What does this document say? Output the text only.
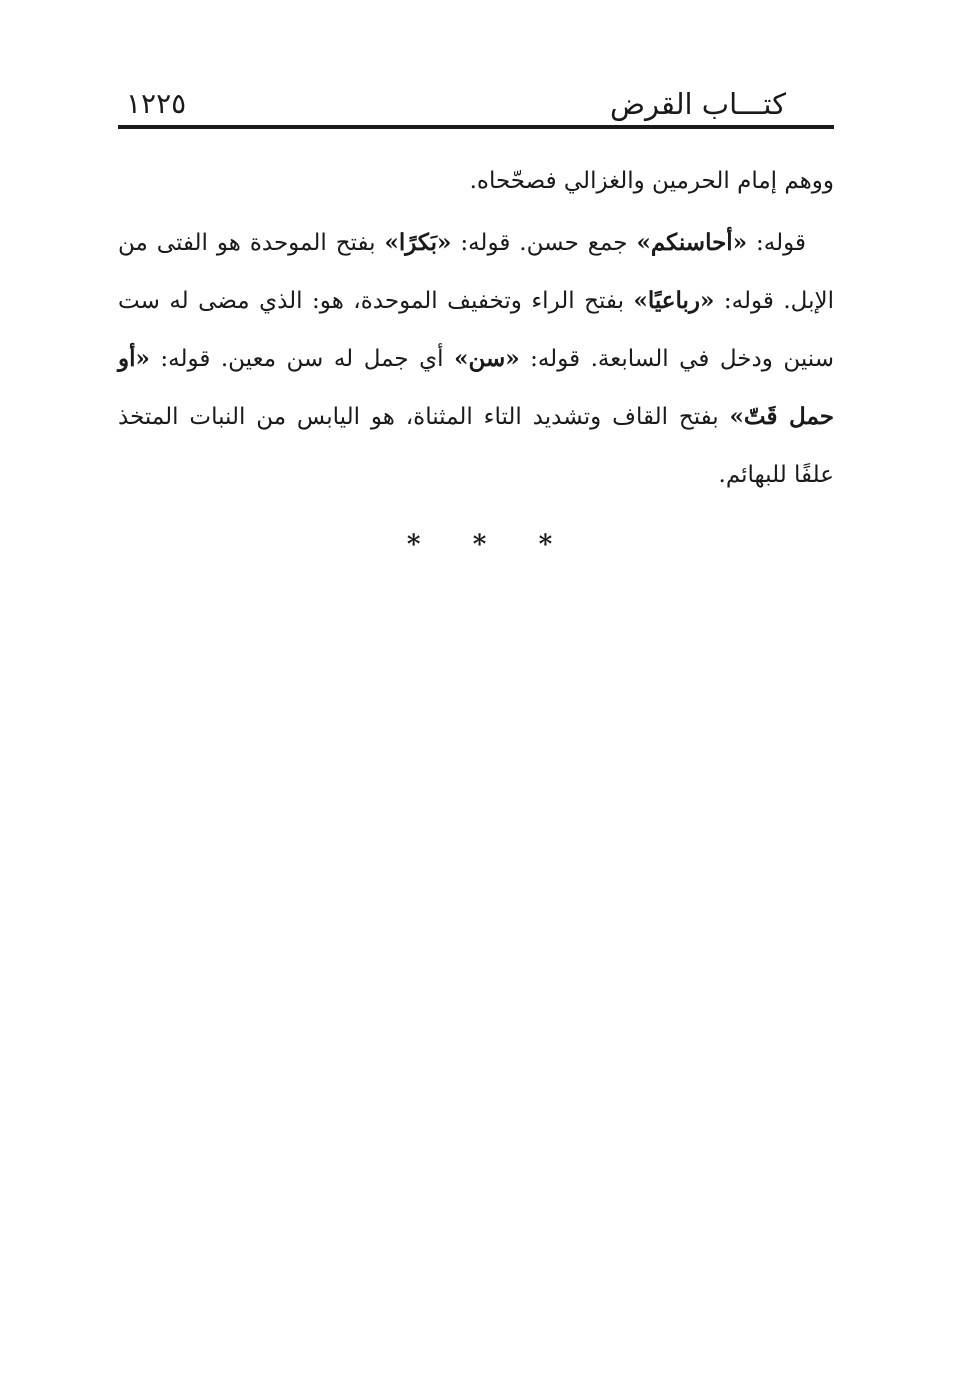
كتـــاب القرض
١٢٢٥

ووهم إمام الحرمين والغزالي فصحّحاه.

قوله: «أحاسنكم» جمع حسن. قوله: «بَكرًا» بفتح الموحدة هو الفتى من الإبل. قوله: «رباعيًا» بفتح الراء وتخفيف الموحدة، هو: الذي مضى له ست سنين ودخل في السابعة. قوله: «سن» أي جمل له سن معين. قوله: «أو حمل قَتّ» بفتح القاف وتشديد التاء المثناة، هو اليابس من النبات المتخذ علفًا للبهائم.

* * *
